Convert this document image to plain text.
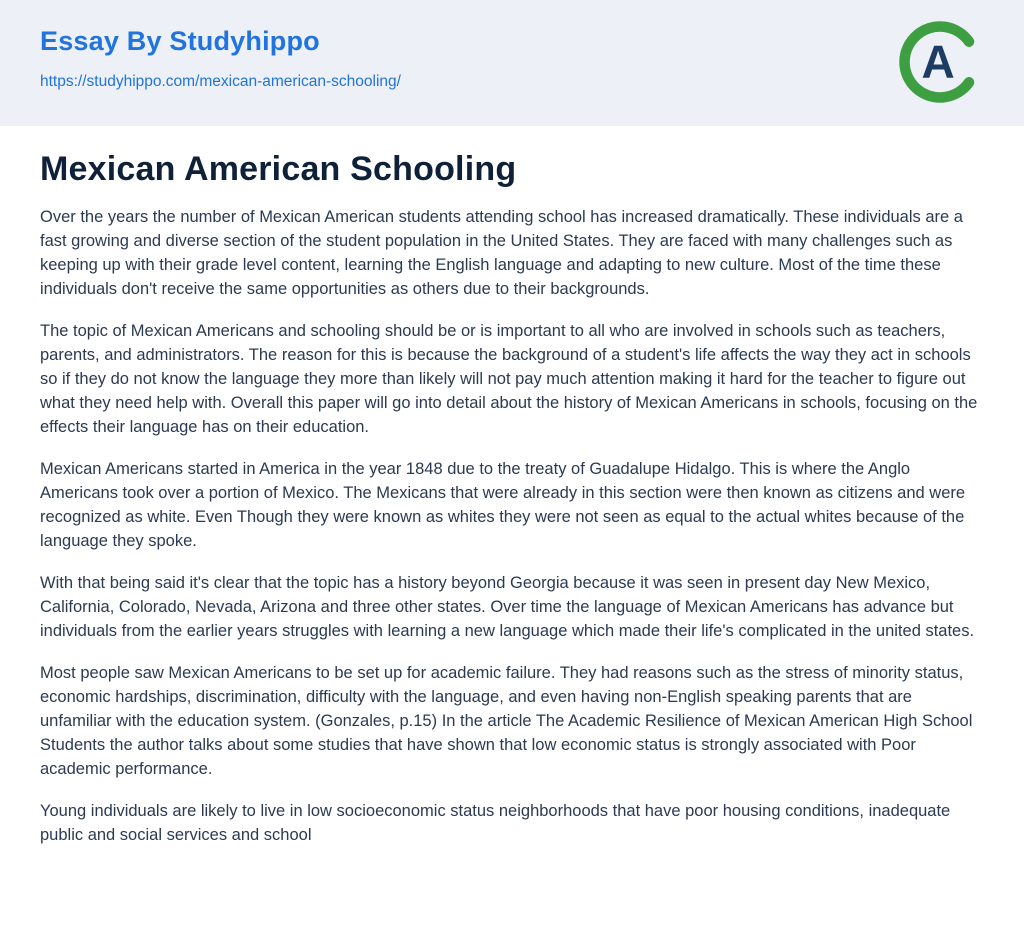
Essay By Studyhippo
https://studyhippo.com/mexican-american-schooling/	A
Mexican American Schooling

Over the years the number of Mexican American students attending school has increased dramatically. These individuals are a fast growing and diverse section of the student population in the United States. They are faced with many challenges such as keeping up with their grade level content, learning the English language and adapting to new culture. Most of the time these individuals don't receive the same opportunities as others due to their backgrounds.

The topic of Mexican Americans and schooling should be or is important to all who are involved in schools such as teachers, parents, and administrators. The reason for this is because the background of a student's life affects the way they act in schools so if they do not know the language they more than likely will not pay much attention making it hard for the teacher to figure out what they need help with. Overall this paper will go into detail about the history of Mexican Americans in schools, focusing on the effects their language has on their education.

Mexican Americans started in America in the year 1848 due to the treaty of Guadalupe Hidalgo. This is where the Anglo Americans took over a portion of Mexico. The Mexicans that were already in this section were then known as citizens and were recognized as white. Even Though they were known as whites they were not seen as equal to the actual whites because of the language they spoke.

With that being said it's clear that the topic has a history beyond Georgia because it was seen in present day New Mexico, California, Colorado, Nevada, Arizona and three other states. Over time the language of Mexican Americans has advance but individuals from the earlier years struggles with learning a new language which made their life's complicated in the united states.

Most people saw Mexican Americans to be set up for academic failure. They had reasons such as the stress of minority status, economic hardships, discrimination, difficulty with the language, and even having non-English speaking parents that are unfamiliar with the education system. (Gonzales, p.15) In the article The Academic Resilience of Mexican American High School Students the author talks about some studies that have shown that low economic status is strongly associated with Poor academic performance.

Young individuals are likely to live in low socioeconomic status neighborhoods that have poor housing conditions, inadequate public and social services and school
